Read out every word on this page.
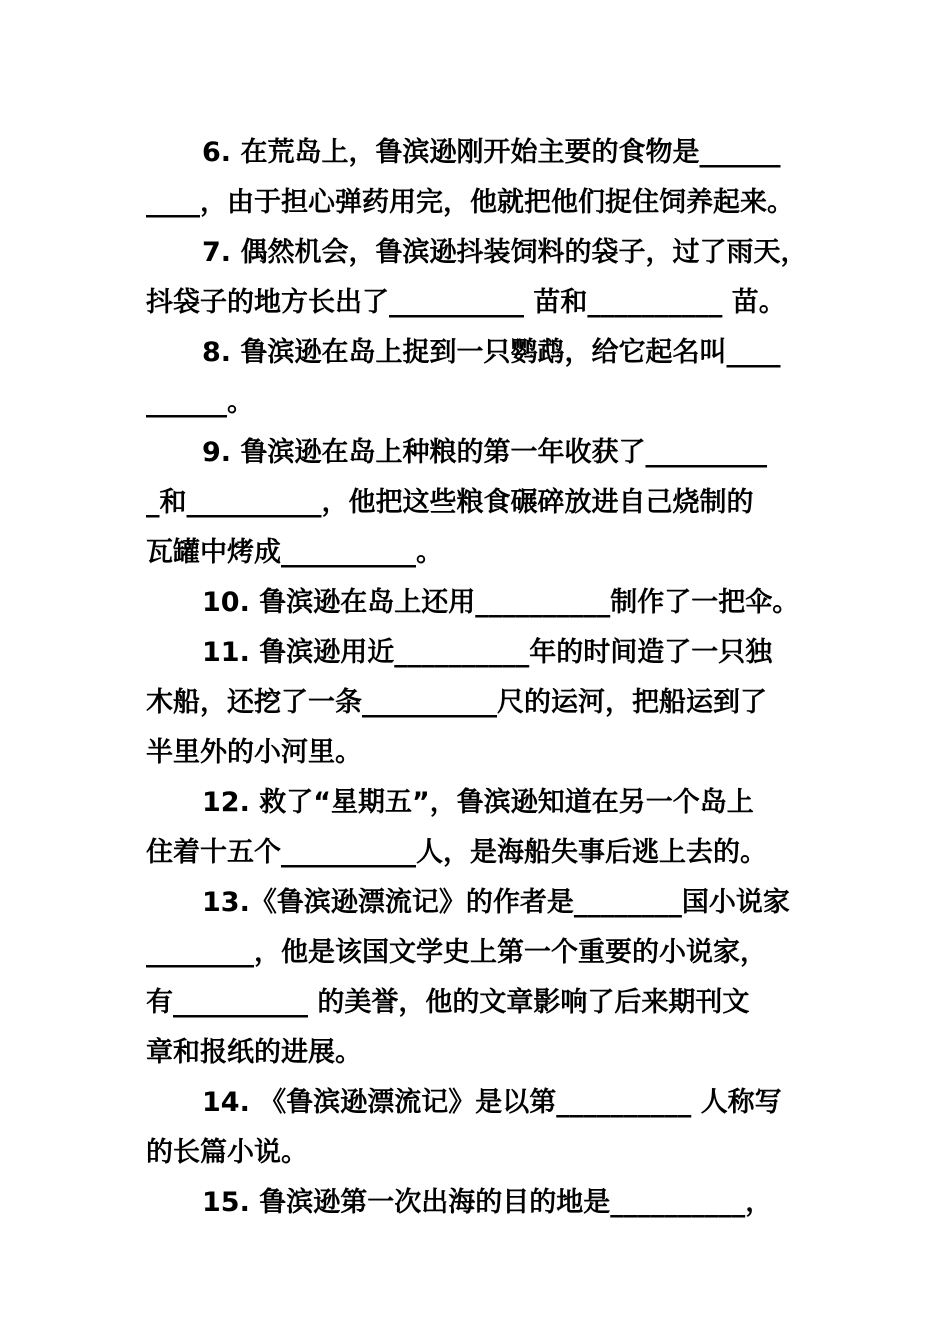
6. 在荒岛上，鲁滨逊刚开始主要的食物是______
____，由于担心弹药用完，他就把他们捉住饲养起来。
7. 偶然机会，鲁滨逊抖装饲料的袋子，过了雨天，
抖袋子的地方长出了__________ 苗和__________ 苗。
8. 鲁滨逊在岛上捉到一只鹦鹉，给它起名叫____
______。
9. 鲁滨逊在岛上种粮的第一年收获了_________
_和__________，他把这些粮食碾碎放进自己烧制的
瓦罐中烤成__________。
10. 鲁滨逊在岛上还用__________制作了一把伞。
11. 鲁滨逊用近__________年的时间造了一只独
木船，还挖了一条__________尺的运河，把船运到了
半里外的小河里。
12. 救了“星期五”，鲁滨逊知道在另一个岛上
住着十五个__________人，是海船失事后逃上去的。
13.《鲁滨逊漂流记》的作者是________国小说家
________，他是该国文学史上第一个重要的小说家，
有__________ 的美誉，他的文章影响了后来期刊文
章和报纸的进展。
14. 《鲁滨逊漂流记》是以第__________ 人称写
的长篇小说。
15. 鲁滨逊第一次出海的目的地是__________，
